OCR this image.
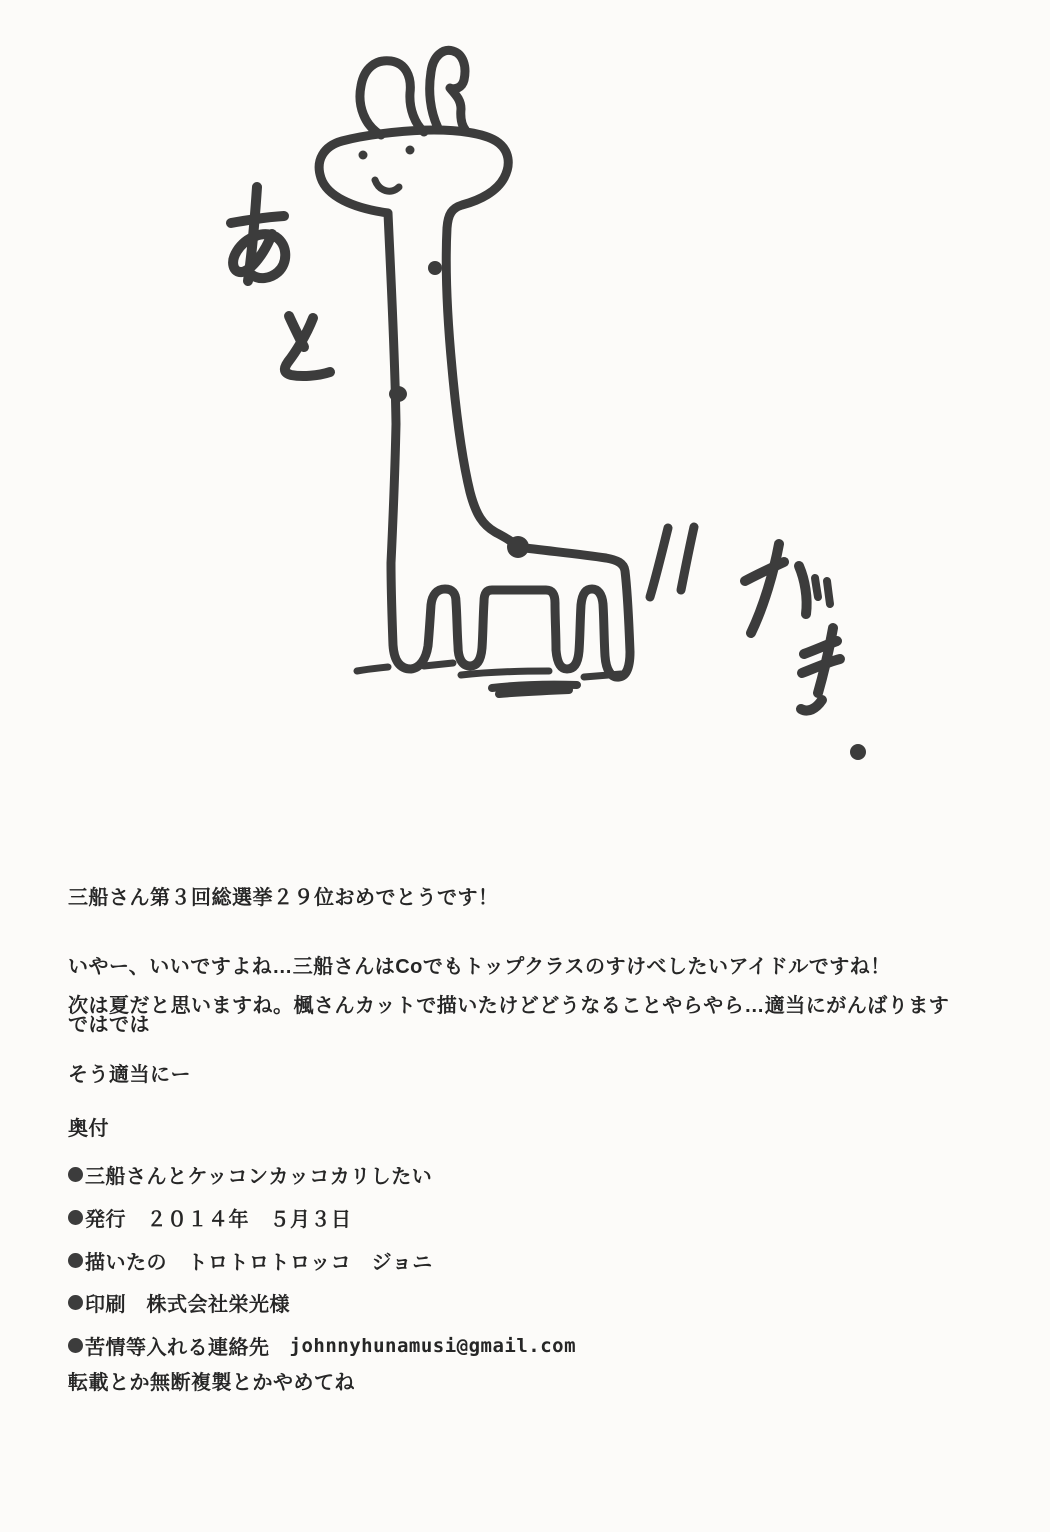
三船さん第３回総選挙２９位おめでとうです！

いやー、いいですよね…三船さんはCoでもトップクラスのすけべしたいアイドルですね！

次は夏だと思いますね。楓さんカットで描いたけどどうなることやらやら…適当にがんばります

そう適当にー

ではでは
奥付
三船さんとケッコンカッコカリしたい
発行　２０１４年　５月３日
描いたの　トロトロトロッコ　ジョニ
印刷　株式会社栄光様
苦情等入れる連絡先 johnnyhunamusi@gmail.com
転載とか無断複製とかやめてね
